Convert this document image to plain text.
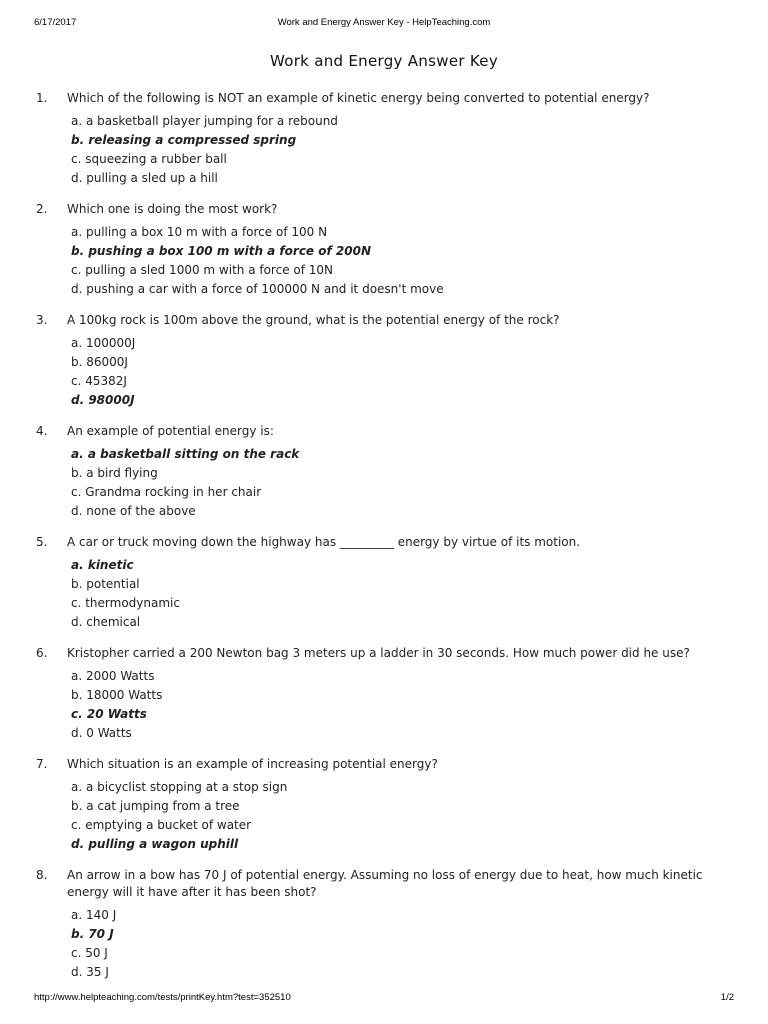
6/17/2017	Work and Energy Answer Key - HelpTeaching.com
Work and Energy Answer Key
1.	Which of the following is NOT an example of kinetic energy being converted to potential energy?
a. a basketball player jumping for a rebound
b. releasing a compressed spring
c. squeezing a rubber ball
d. pulling a sled up a hill
2.	Which one is doing the most work?
a. pulling a box 10 m with a force of 100 N
b. pushing a box 100 m with a force of 200N
c. pulling a sled 1000 m with a force of 10N
d. pushing a car with a force of 100000 N and it doesn't move
3.	A 100kg rock is 100m above the ground, what is the potential energy of the rock?
a. 100000J
b. 86000J
c. 45382J
d. 98000J
4.	An example of potential energy is:
a. a basketball sitting on the rack
b. a bird flying
c. Grandma rocking in her chair
d. none of the above
5.	A car or truck moving down the highway has _________ energy by virtue of its motion.
a. kinetic
b. potential
c. thermodynamic
d. chemical
6.	Kristopher carried a 200 Newton bag 3 meters up a ladder in 30 seconds. How much power did he use?
a. 2000 Watts
b. 18000 Watts
c. 20 Watts
d. 0 Watts
7.	Which situation is an example of increasing potential energy?
a. a bicyclist stopping at a stop sign
b. a cat jumping from a tree
c. emptying a bucket of water
d. pulling a wagon uphill
8.	An arrow in a bow has 70 J of potential energy. Assuming no loss of energy due to heat, how much kinetic energy will it have after it has been shot?
a. 140 J
b. 70 J
c. 50 J
d. 35 J
http://www.helpteaching.com/tests/printKey.htm?test=352510	1/2
